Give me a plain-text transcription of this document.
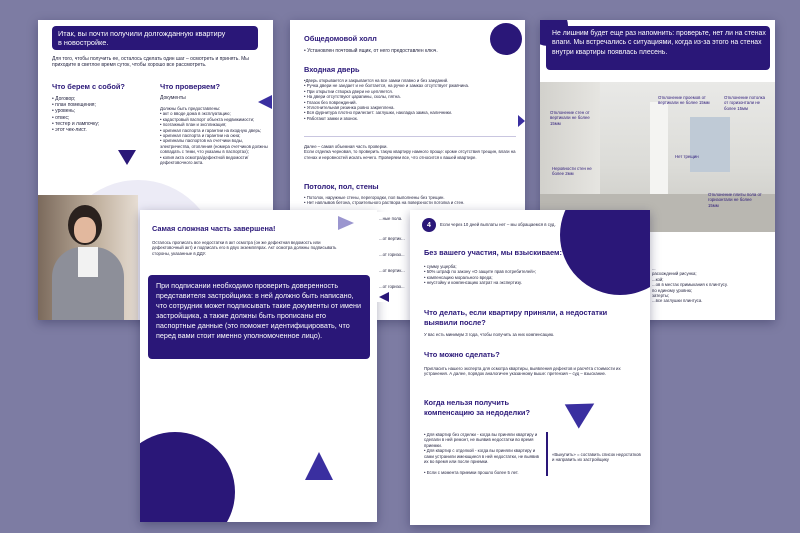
Итак, вы почти получили долгожданную квартиру
в новостройке.

Для того, чтобы получить ее, осталось сделать один шаг – осмотреть и принять. Мы приходите в светлое время суток, чтобы хорошо все рассмотреть.

Что берем с собой?

• Договор;
• план помещения;
• уровень;
• отвес;
• тестер и лампочку;
• этот чек-лист.

Что проверяем?

Документы

Должны быть предоставлены:
• акт о вводе дома в эксплуатацию;
• кадастровый паспорт объекта недвижимости;
• поэтажный план и экспликация;
• оригинал паспорта и гарантии на входную дверь;
• оригинал паспорта и гарантии на окна;
• оригиналы паспортов на счетчики воды, электричества, отопления (номера счетчиков должны совпадать с теми, что указаны в паспортах);
• копия акта осмотра/дефектной ведомости/дефектовочного акта.

Общедомовой холл

• Установлен почтовый ящик, от него предоставлен ключ.

Входная дверь

•Дверь открывается и закрывается на все замки плавно и без заеданий.
• Ручка двери не заедает и не болтается, на ручке и замках отсутствует ржавчина.
• При открытии створка двери не цепляется.
• На двери отсутствуют царапины, сколы, пятна.
• Глазок без повреждений.
• Уплотнительная резинка ровно закреплена.
• Вся фурнитура плотно прилегает: заглушки, накладка замка, наличники.
• Работают замки и звонок.
Далее – самая объемная часть проверки.
Если отделка черновая, то проверить такую квартиру намного проще: кроме отсутствия трещин, влаги на стенах и неровностей искать нечего. Проверяем все, что относится к вашей квартире.

Потолок, пол, стены

• Потолок, наружные стены, перегородки, пол выполнены без трещин.
• Нет наплывов бетона, строительного раствора на поверхности потолка и стен.

Не лишним будет еще раз напомнить: проверьте, нет ли на стенах влаги. Мы встречались с ситуациями, когда из-за этого на стенах внутри квартиры появлась плесень.

Отклонение стен от вертикали не более 15мм
Отклонение проемов от вертикали не более 15мм
Отклонение потолка от горизонтали не более 15мм
Нет трещин
Неровности стен не более 2мм
Отклонение плиты пола от горизонтали не более 15мм
...
расхождений рисунка;
...кой;
...ов в местах примыкания к плинтусу.
по единому уровню;
затерты;
...все заглушки плинтуса.

Самая сложная часть завершена!

Осталось прописать все недостатки в акт осмотра (он же дефектная ведомость или дефектовочный акт) и подписать его в двух экземплярах. Акт осмотра должны подписывать стороны, указанные в ДДУ.

При подписании необходимо проверить доверенность представителя застройщика: в ней должно быть написано, что сотрудник может подписывать такие документы от имени застройщика, а также должны быть прописаны его паспортные данные (это поможет идентифицировать, что перед вами стоит именно уполномоченное лицо).

...ные пола.

...от вертик...

...от горизо...

...от вертик...

...от горизо...

4 Если через 10 дней выплаты нет – мы обращаемся в суд.

Без вашего участия, мы взыскиваем:

• сумму ущерба;
• 50% штраф по закону «О защите прав потребителей»;
• компенсацию морального вреда;
• неустойку и компенсацию затрат на экспертизу.

Что делать, если квартиру приняли, а недостатки выявили после?

У вас есть минимум 3 года, чтобы получить за них компенсацию.

Что можно сделать?

Пригласить нашего эксперта для осмотра квартиры, выявления дефектов и расчёта стоимости их устранения. А далее, порядок аналогичен указанному выше: претензия – суд – взыскание.

Когда нельзя получить компенсацию за недоделки?

• Для квартир без отделки - когда вы приняли квартиру и сделали в ней ремонт, не выявив недостатки во время приемки.
• Для квартир с отделкой - когда вы приняли квартиру и сами устранили имеющиеся в ней недостатки, не выявив их во время или после приемки.

• Если с момента приемки прошло более 5 лет.

«Выкупить» = составить список недостатков и направить их застройщику
